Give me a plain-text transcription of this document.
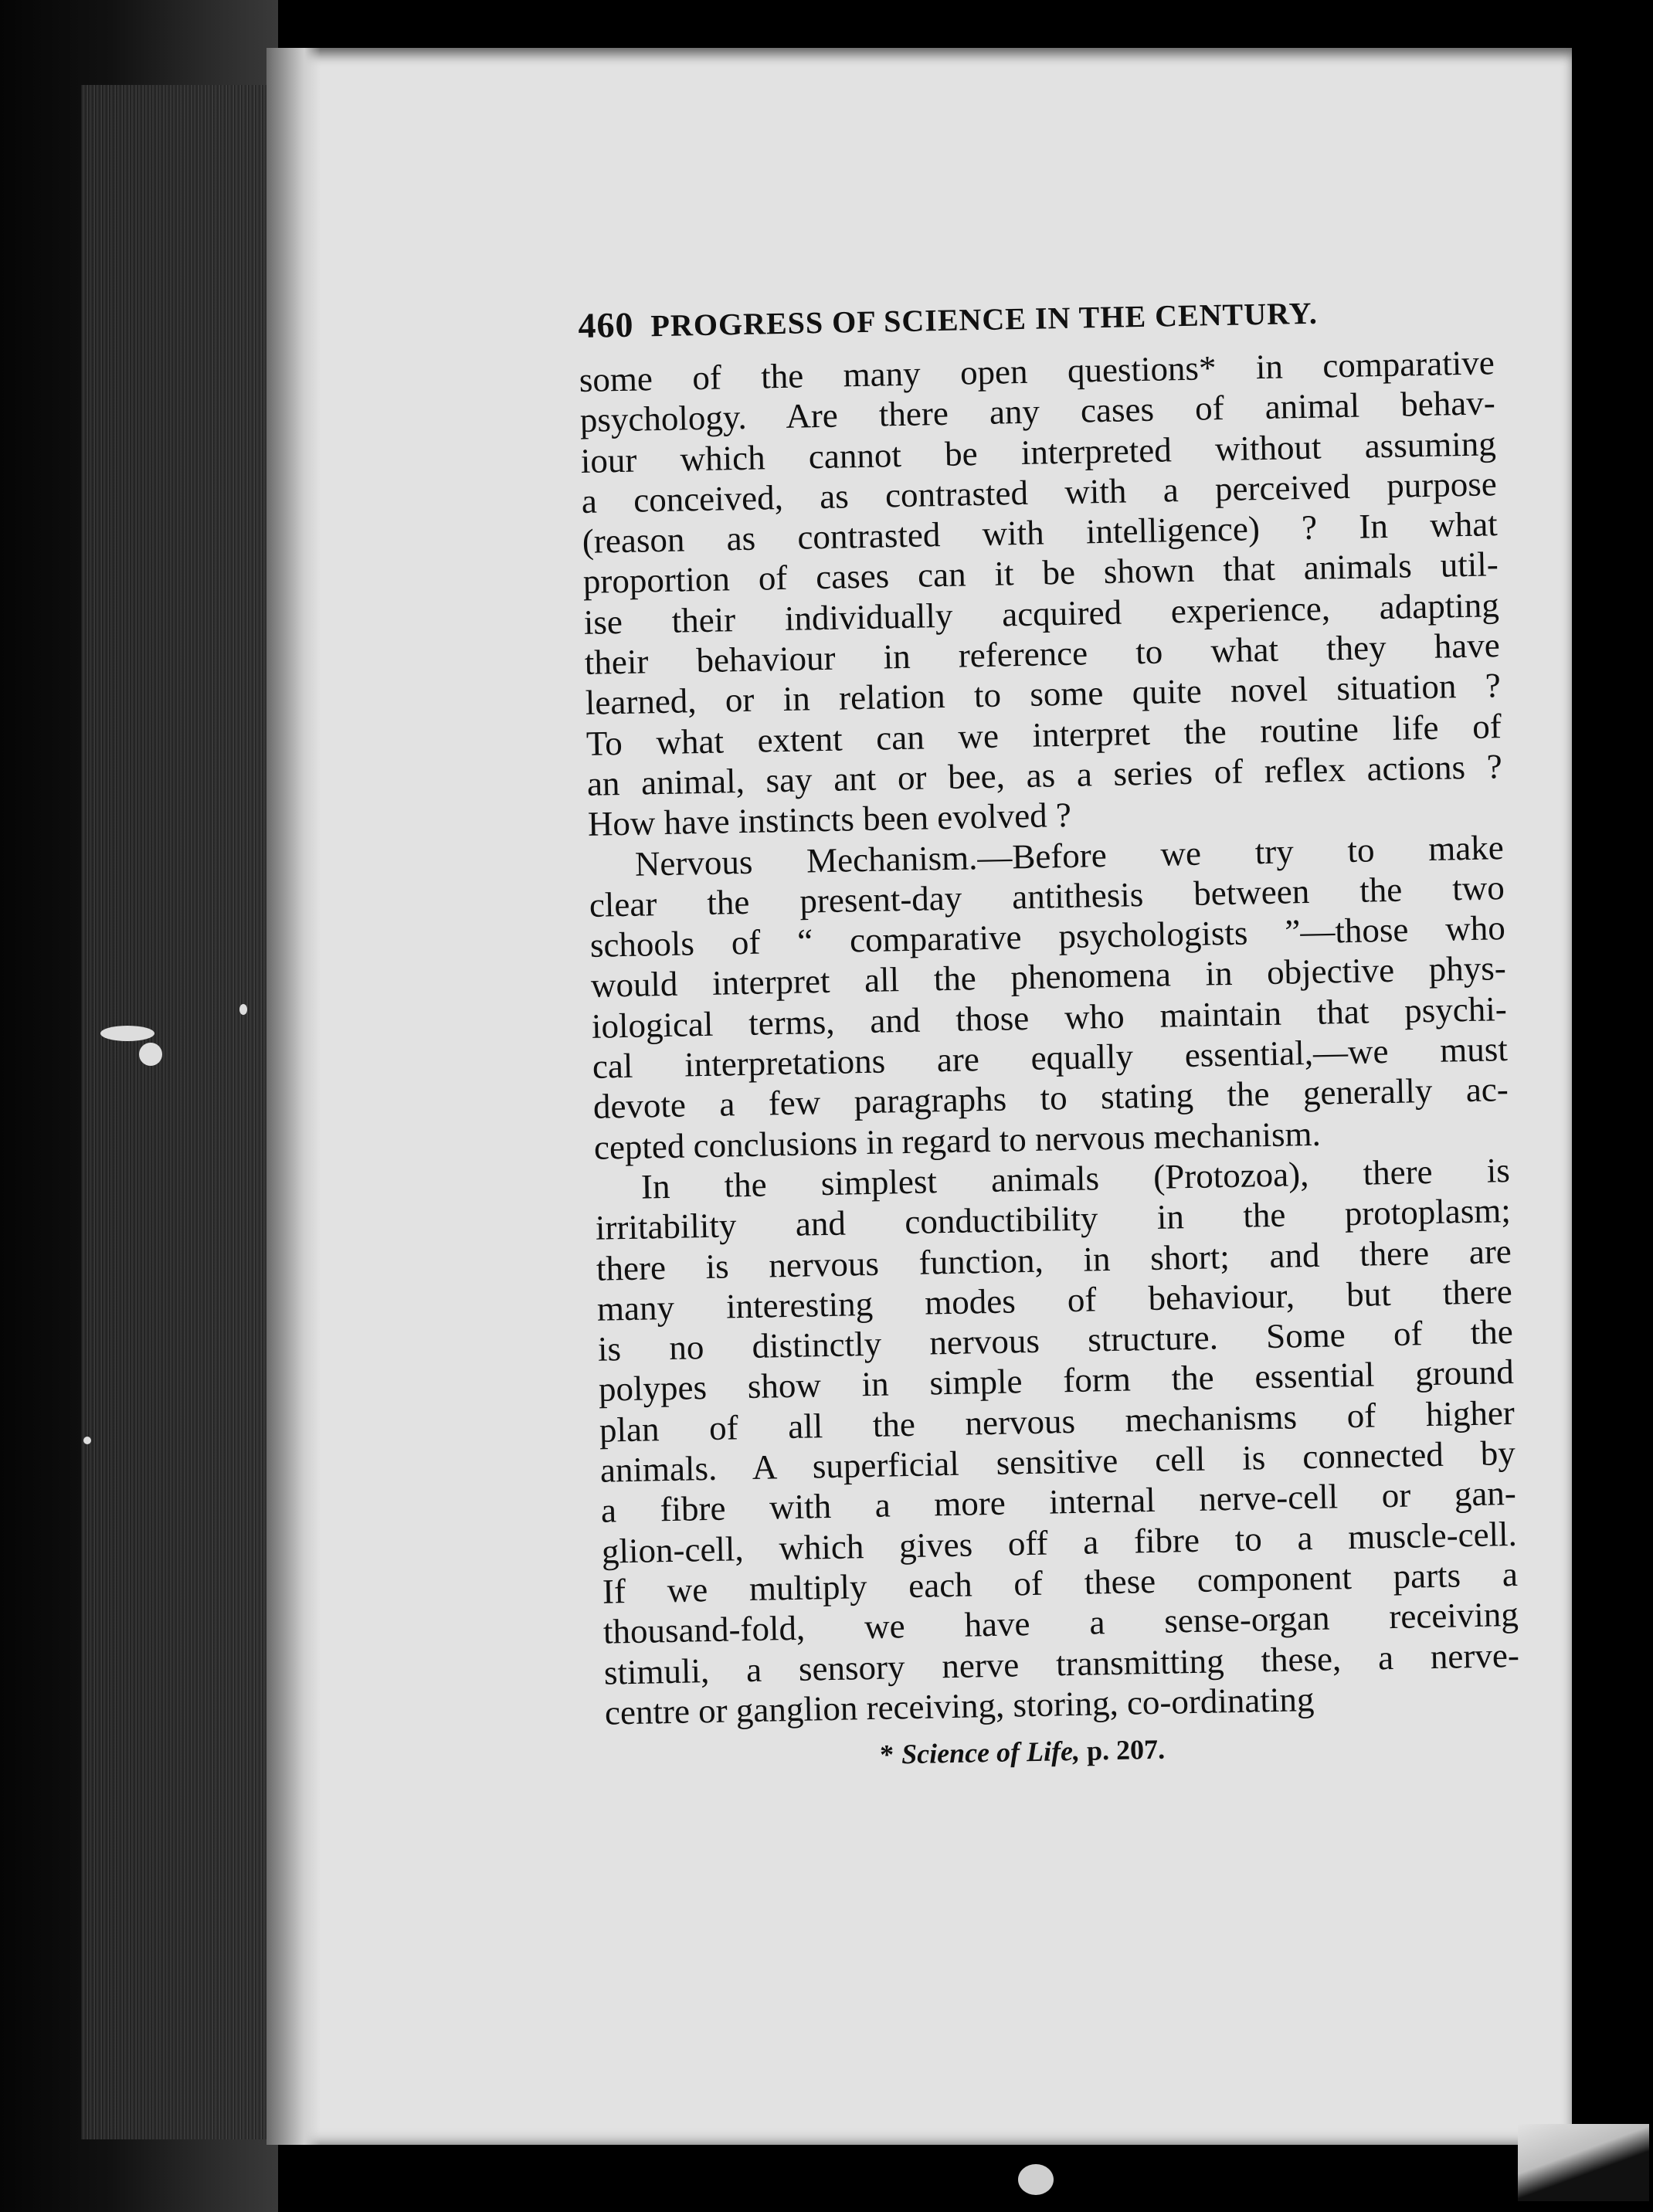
460 PROGRESS OF SCIENCE IN THE CENTURY.
some of the many open questions* in comparative
psychology. Are there any cases of animal behav-
iour which cannot be interpreted without assuming
a conceived, as contrasted with a perceived purpose
(reason as contrasted with intelligence) ? In what
proportion of cases can it be shown that animals util-
ise their individually acquired experience, adapting
their behaviour in reference to what they have
learned, or in relation to some quite novel situation ?
To what extent can we interpret the routine life of
an animal, say ant or bee, as a series of reflex actions ?
How have instincts been evolved ?
Nervous Mechanism.—Before we try to make
clear the present-day antithesis between the two
schools of “ comparative psychologists ”—those who
would interpret all the phenomena in objective phys-
iological terms, and those who maintain that psychi-
cal interpretations are equally essential,—we must
devote a few paragraphs to stating the generally ac-
cepted conclusions in regard to nervous mechanism.
In the simplest animals (Protozoa), there is
irritability and conductibility in the protoplasm;
there is nervous function, in short; and there are
many interesting modes of behaviour, but there
is no distinctly nervous structure. Some of the
polypes show in simple form the essential ground
plan of all the nervous mechanisms of higher
animals. A superficial sensitive cell is connected by
a fibre with a more internal nerve-cell or gan-
glion-cell, which gives off a fibre to a muscle-cell.
If we multiply each of these component parts a
thousand-fold, we have a sense-organ receiving
stimuli, a sensory nerve transmitting these, a nerve-
centre or ganglion receiving, storing, co-ordinating
* Science of Life, p. 207.
